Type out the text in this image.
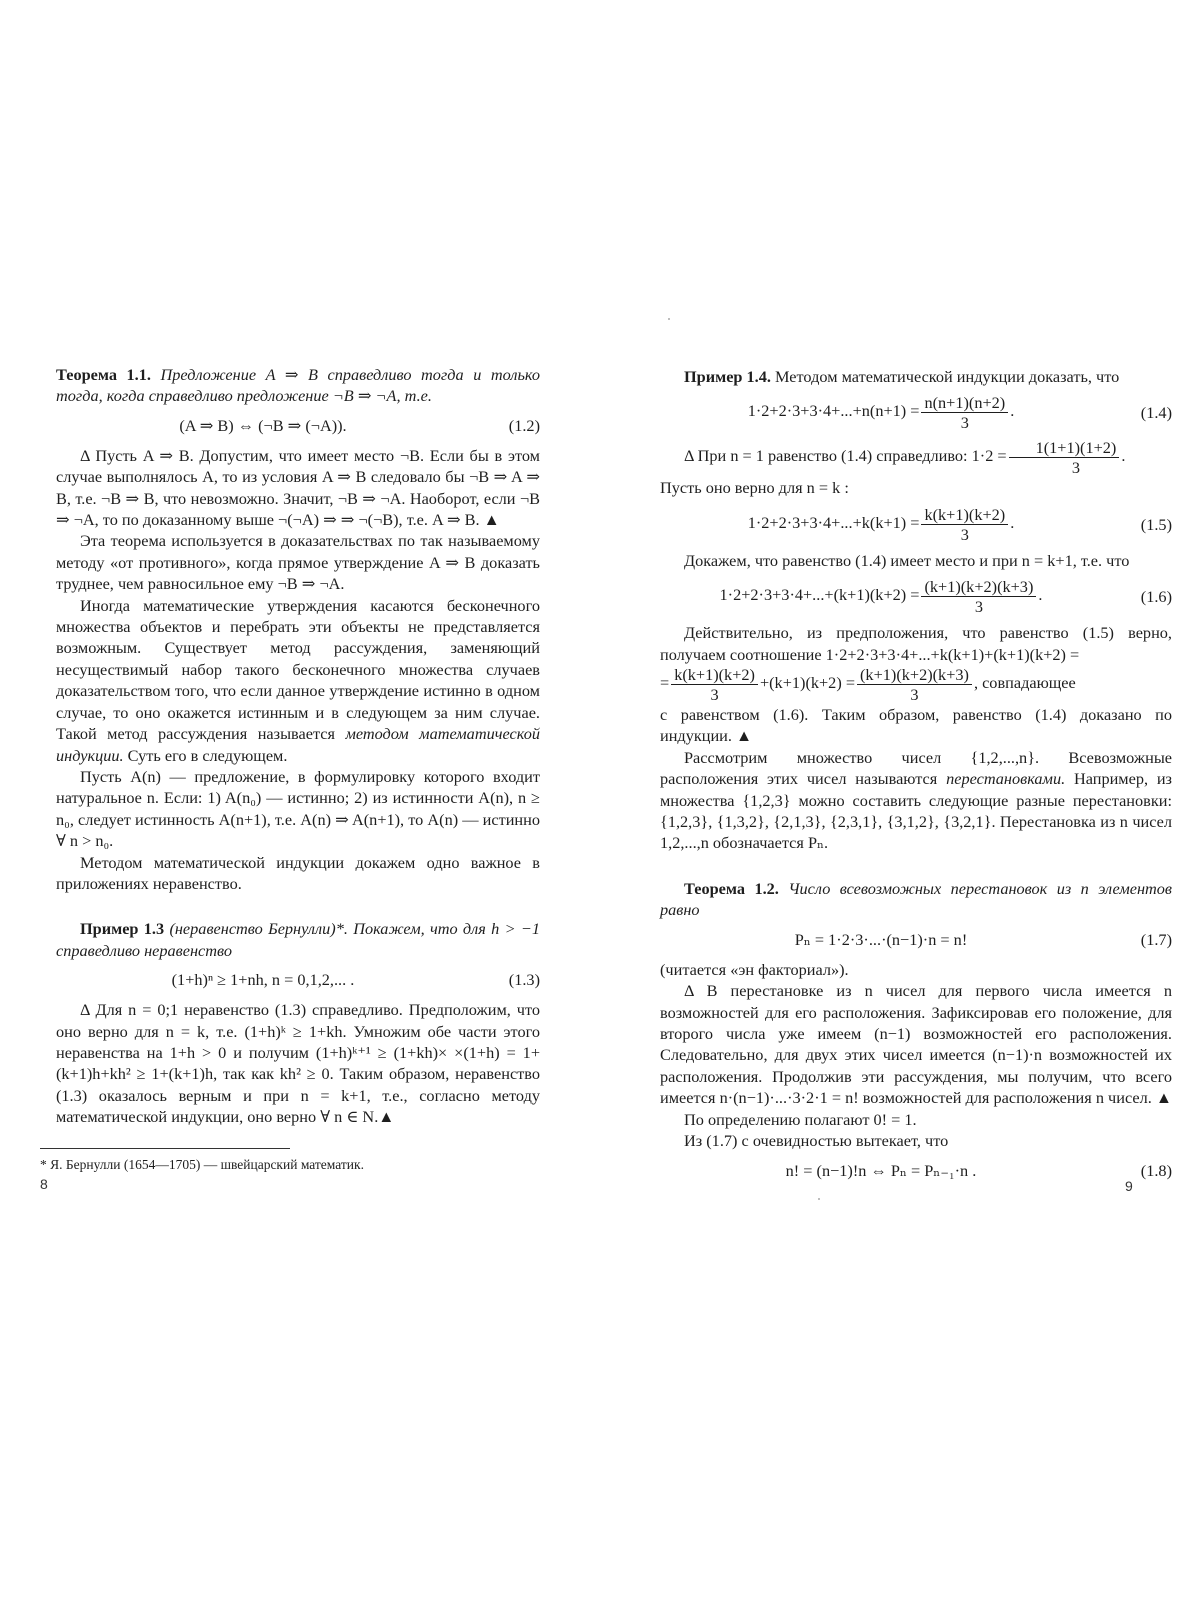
Теорема 1.1. Предложение A ⇒ B справедливо тогда и только тогда, когда справедливо предложение ¬B ⇒ ¬A, т.е.

(A ⇒ B) ⇔ (¬B ⇒ (¬A)).	(1.2)

Δ Пусть A ⇒ B. Допустим, что имеет место ¬B. Если бы в этом случае выполнялось A, то из условия A ⇒ B следовало бы ¬B ⇒ A ⇒ B, т.е. ¬B ⇒ B, что невозможно. Значит, ¬B ⇒ ¬A. Наоборот, если ¬B ⇒ ¬A, то по доказанному выше ¬(¬A) ⇒ ⇒ ¬(¬B), т.е. A ⇒ B. ▲

Эта теорема используется в доказательствах по так называемому методу «от противного», когда прямое утверждение A ⇒ B доказать труднее, чем равносильное ему ¬B ⇒ ¬A.

Иногда математические утверждения касаются бесконечного множества объектов и перебрать эти объекты не представляется возможным. Существует метод рассуждения, заменяющий несуществимый набор такого бесконечного множества случаев доказательством того, что если данное утверждение истинно в одном случае, то оно окажется истинным и в следующем за ним случае. Такой метод рассуждения называется методом математической индукции. Суть его в следующем.

Пусть A(n) — предложение, в формулировку которого входит натуральное n. Если: 1) A(n₀) — истинно; 2) из истинности A(n), n ≥ n₀, следует истинность A(n+1), т.е. A(n) ⇒ A(n+1), то A(n) — истинно ∀ n > n₀.

Методом математической индукции докажем одно важное в приложениях неравенство.

Пример 1.3 (неравенство Бернулли)*. Покажем, что для h > −1 справедливо неравенство

(1+h)ⁿ ≥ 1+nh, n = 0,1,2,... .	(1.3)

Δ Для n = 0;1 неравенство (1.3) справедливо. Предположим, что оно верно для n = k, т.е. (1+h)ᵏ ≥ 1+kh. Умножим обе части этого неравенства на 1+h > 0 и получим (1+h)ᵏ⁺¹ ≥ (1+kh)× ×(1+h) = 1+(k+1)h+kh² ≥ 1+(k+1)h, так как kh² ≥ 0. Таким образом, неравенство (1.3) оказалось верным и при n = k+1, т.е., согласно методу математической индукции, оно верно ∀ n ∈ N.▲

* Я. Бернулли (1654—1705) — швейцарский математик.
8

Пример 1.4. Методом математической индукции доказать, что

$1\cdot 2+2\cdot 3+3\cdot 4+...+n(n+1) = \frac{n(n+1)(n+2)}{3}$ .	(1.4)

Δ При n = 1 равенство (1.4) справедливо: $1\cdot 2 = \frac{1(1+1)(1+2)}{3}$ .

Пусть оно верно для n = k :

$1\cdot 2+2\cdot 3+3\cdot 4+...+k(k+1) = \frac{k(k+1)(k+2)}{3}$ .	(1.5)

Докажем, что равенство (1.4) имеет место и при n = k+1, т.е. что

$1\cdot 2+2\cdot 3+3\cdot 4+...+(k+1)(k+2) = \frac{(k+1)(k+2)(k+3)}{3}$ .	(1.6)

Действительно, из предположения, что равенство (1.5) верно, получаем соотношение 1·2+2·3+3·4+...+k(k+1)+(k+1)(k+2) =

= $\frac{k(k+1)(k+2)}{3} +(k+1)(k+2) = \frac{(k+1)(k+2)(k+3)}{3}$ , совпадающее

с равенством (1.6). Таким образом, равенство (1.4) доказано по индукции. ▲

Рассмотрим множество чисел {1,2,...,n}. Всевозможные расположения этих чисел называются перестановками. Например, из множества {1,2,3} можно составить следующие разные перестановки: {1,2,3}, {1,3,2}, {2,1,3}, {2,3,1}, {3,1,2}, {3,2,1}. Перестановка из n чисел 1,2,...,n обозначается Pₙ.

Теорема 1.2. Число всевозможных перестановок из n элементов равно

Pₙ = 1·2·3·...·(n−1)·n = n!	(1.7)

(читается «эн факториал»).

Δ В перестановке из n чисел для первого числа имеется n возможностей для его расположения. Зафиксировав его положение, для второго числа уже имеем (n−1) возможностей его расположения. Следовательно, для двух этих чисел имеется (n−1)·n возможностей их расположения. Продолжив эти рассуждения, мы получим, что всего имеется n·(n−1)·...·3·2·1 = n! возможностей для расположения n чисел. ▲

По определению полагают 0! = 1.

Из (1.7) с очевидностью вытекает, что

n! = (n−1)!n ⇔ Pₙ = Pₙ₋₁·n .	(1.8)
9
